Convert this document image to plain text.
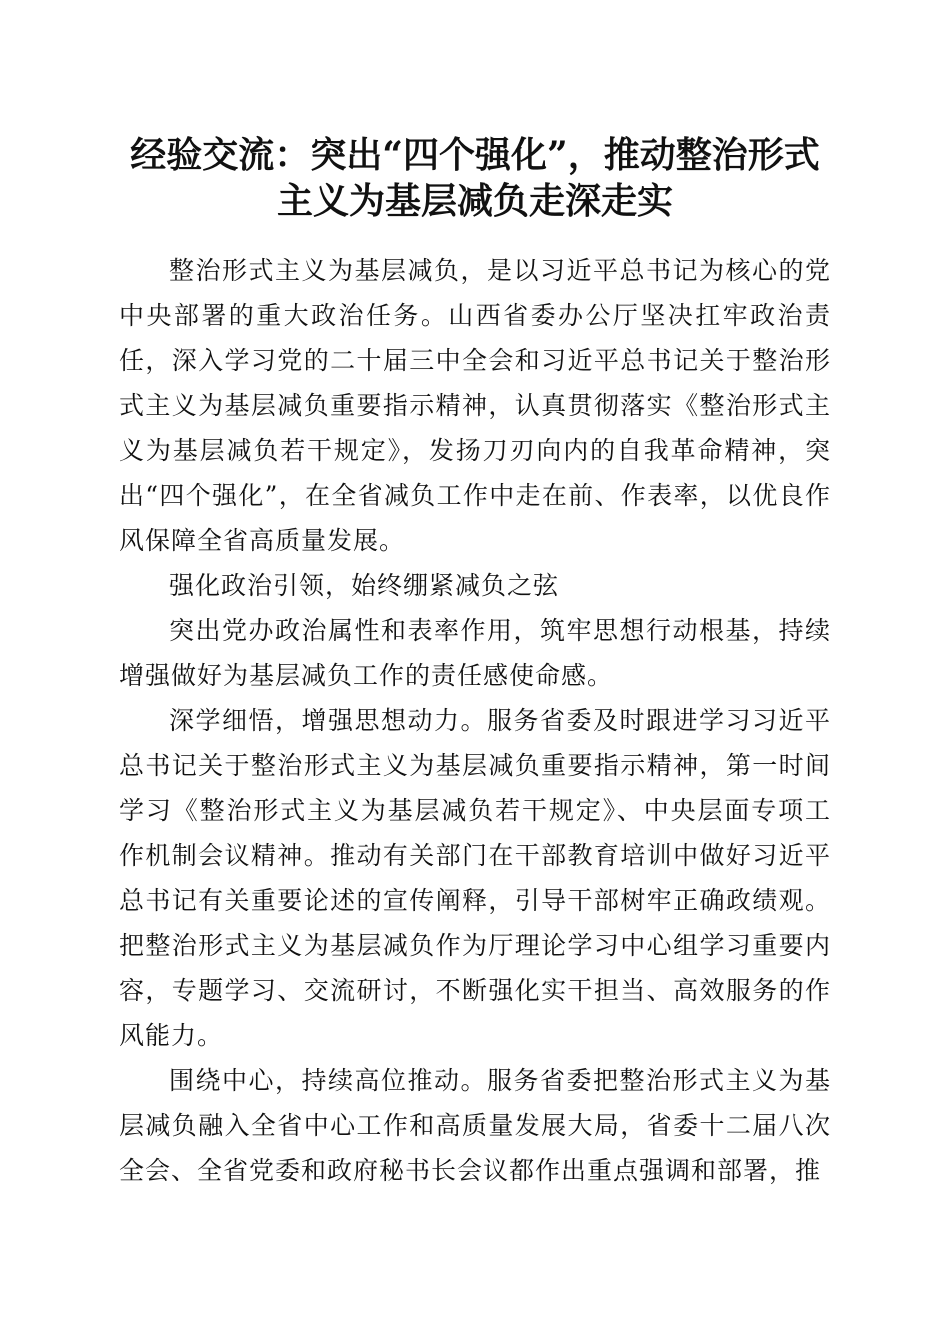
经验交流：突出“四个强化”，推动整治形式
主义为基层减负走深走实

整治形式主义为基层减负，是以习近平总书记为核心的党中央部署的重大政治任务。山西省委办公厅坚决扛牢政治责任，深入学习党的二十届三中全会和习近平总书记关于整治形式主义为基层减负重要指示精神，认真贯彻落实《整治形式主义为基层减负若干规定》，发扬刀刃向内的自我革命精神，突出“四个强化”，在全省减负工作中走在前、作表率，以优良作风保障全省高质量发展。

强化政治引领，始终绷紧减负之弦

突出党办政治属性和表率作用，筑牢思想行动根基，持续增强做好为基层减负工作的责任感使命感。

深学细悟，增强思想动力。服务省委及时跟进学习习近平总书记关于整治形式主义为基层减负重要指示精神，第一时间学习《整治形式主义为基层减负若干规定》、中央层面专项工作机制会议精神。推动有关部门在干部教育培训中做好习近平总书记有关重要论述的宣传阐释，引导干部树牢正确政绩观。把整治形式主义为基层减负作为厅理论学习中心组学习重要内容，专题学习、交流研讨，不断强化实干担当、高效服务的作风能力。

围绕中心，持续高位推动。服务省委把整治形式主义为基层减负融入全省中心工作和高质量发展大局，省委十二届八次全会、全省党委和政府秘书长会议都作出重点强调和部署，推
